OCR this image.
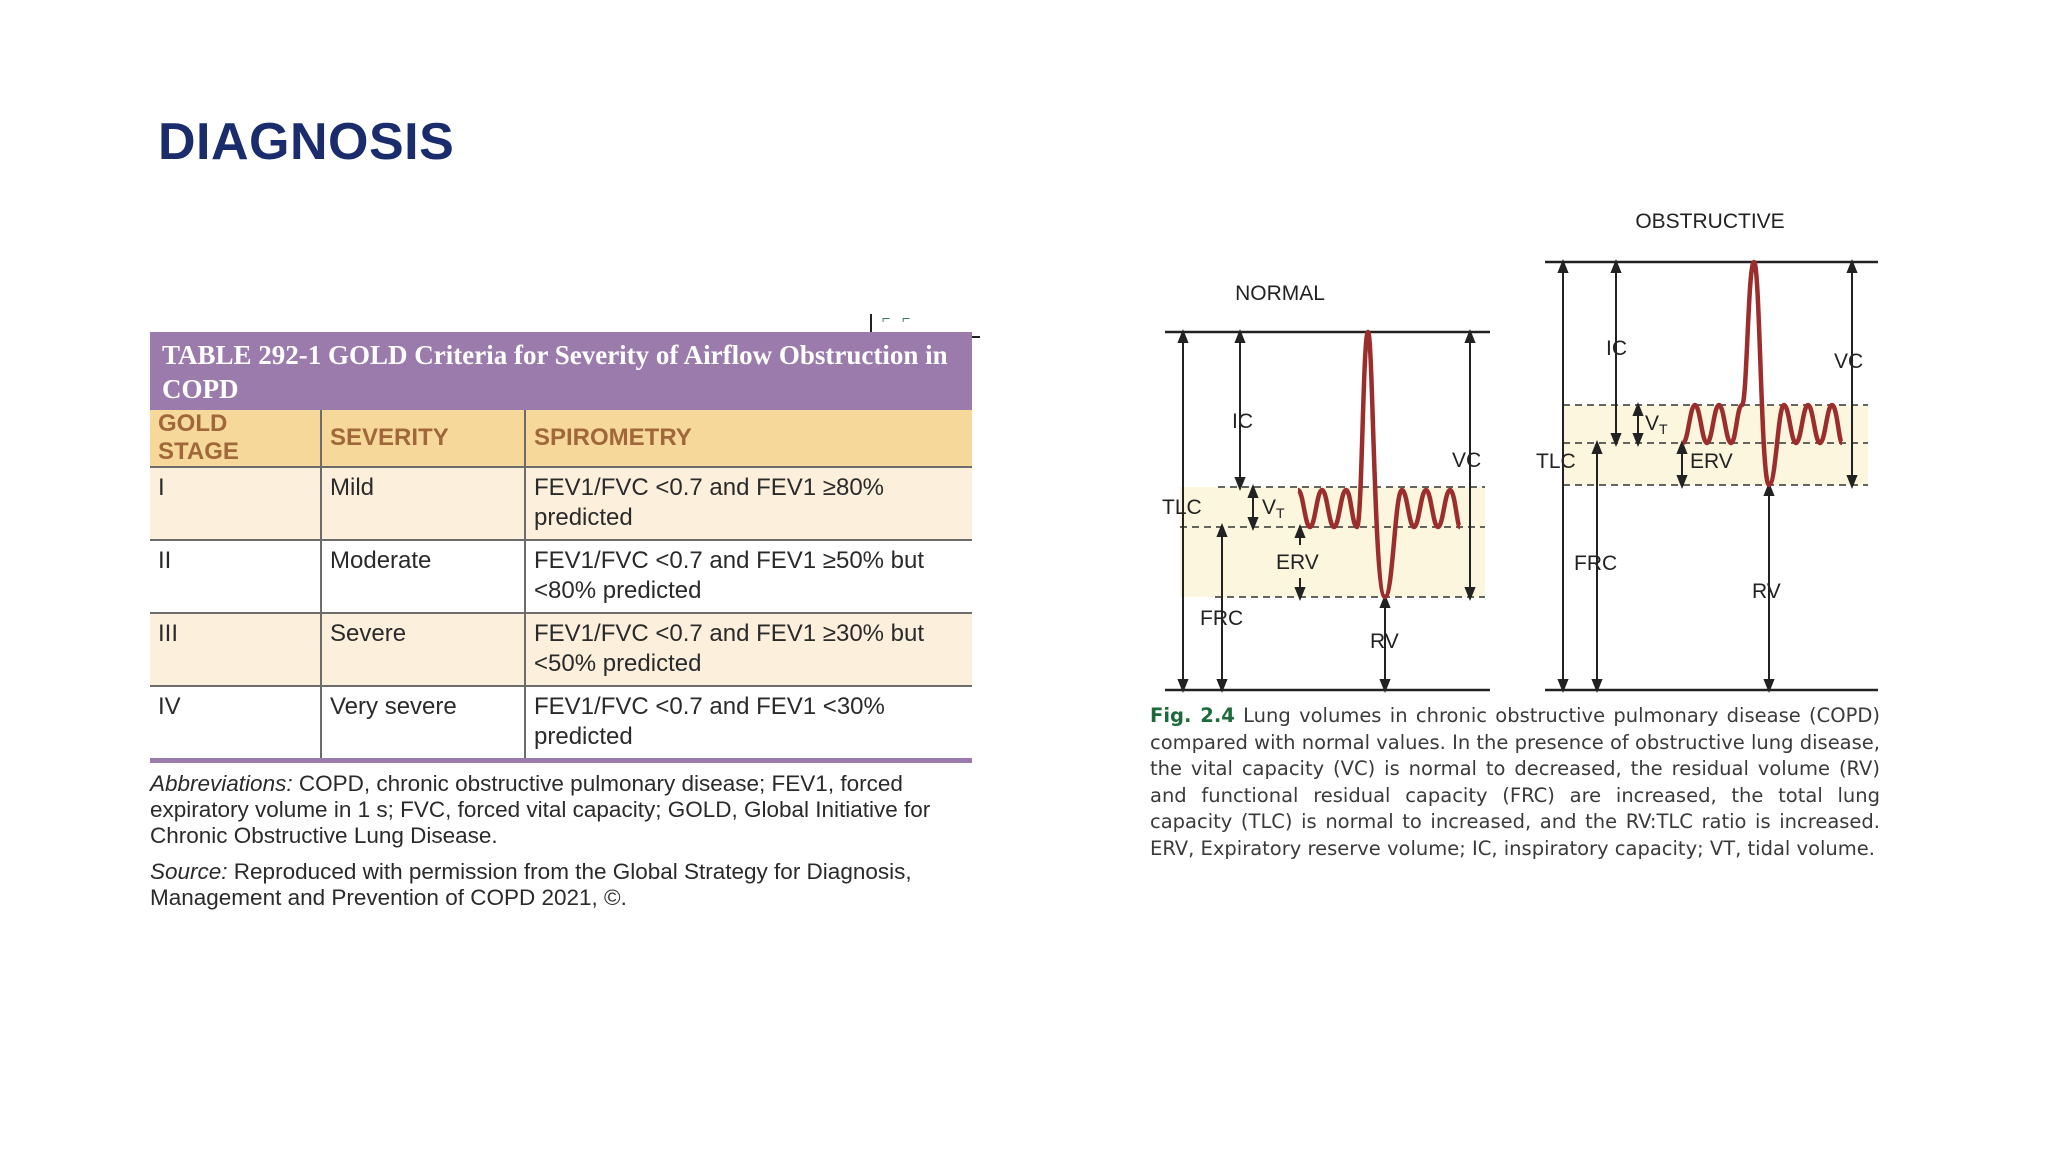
DIAGNOSIS
⌐ ⌐
TABLE 292-1 GOLD Criteria for Severity of Airflow Obstruction in
COPD
GOLD STAGE	SEVERITY	SPIROMETRY
I	Mild	FEV1/FVC <0.7 and FEV1 ≥80% predicted
II	Moderate	FEV1/FVC <0.7 and FEV1 ≥50% but <80% predicted
III	Severe	FEV1/FVC <0.7 and FEV1 ≥30% but <50% predicted
IV	Very severe	FEV1/FVC <0.7 and FEV1 <30% predicted
Abbreviations: COPD, chronic obstructive pulmonary disease; FEV1, forced expiratory volume in 1 s; FVC, forced vital capacity; GOLD, Global Initiative for Chronic Obstructive Lung Disease.
Source: Reproduced with permission from the Global Strategy for Diagnosis, Management and Prevention of COPD 2021, ©.
NORMAL
TLC
IC
VC
VT
ERV
FRC
RV
OBSTRUCTIVE
TLC
IC
VC
VT
ERV
FRC
RV
Fig. 2.4 Lung volumes in chronic obstructive pulmonary disease (COPD) compared with normal values. In the presence of obstructive lung disease, the vital capacity (VC) is normal to decreased, the residual volume (RV) and functional residual capacity (FRC) are increased, the total lung capacity (TLC) is normal to increased, and the RV:TLC ratio is increased. ERV, Expiratory reserve volume; IC, inspiratory capacity; VT, tidal volume.
